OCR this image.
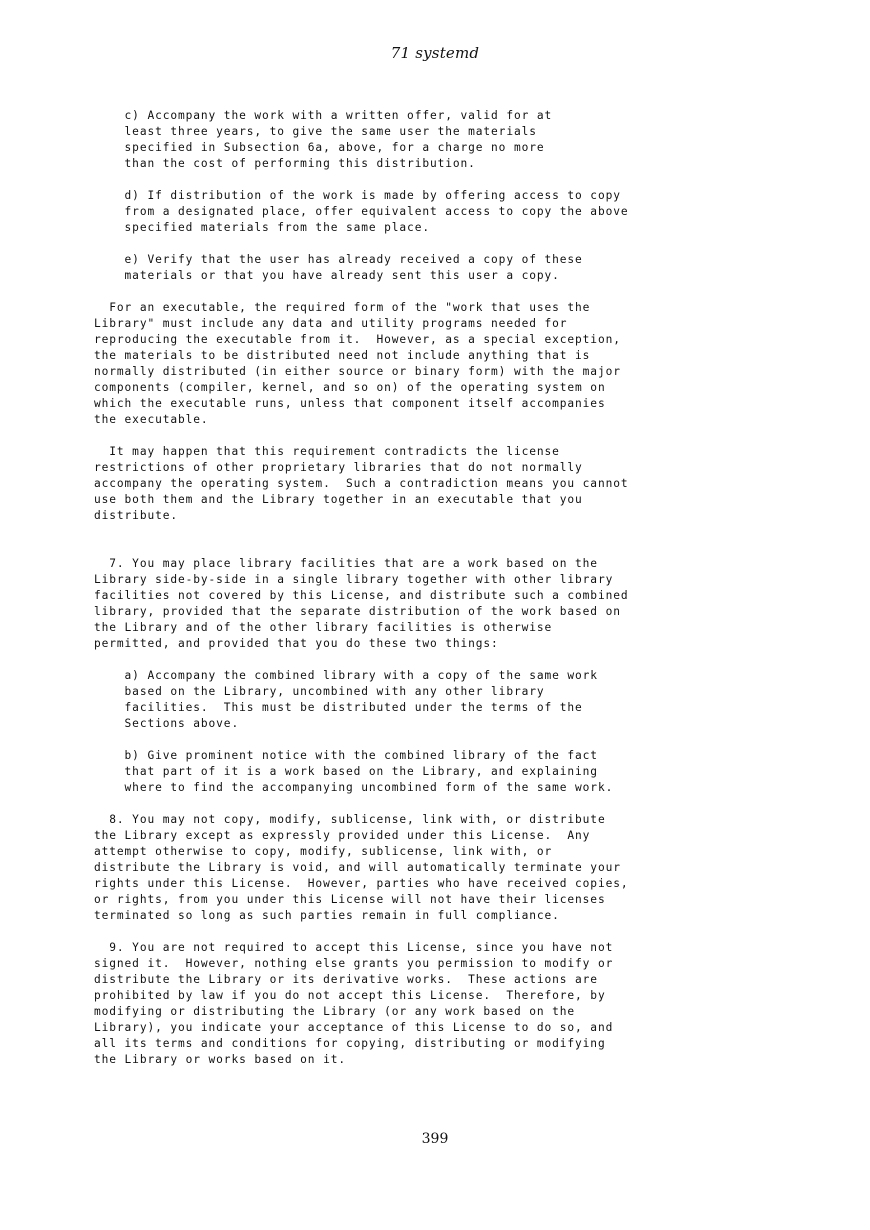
71 systemd
c) Accompany the work with a written offer, valid for at
least three years, to give the same user the materials
specified in Subsection 6a, above, for a charge no more
than the cost of performing this distribution.
d) If distribution of the work is made by offering access to copy
from a designated place, offer equivalent access to copy the above
specified materials from the same place.
e) Verify that the user has already received a copy of these
materials or that you have already sent this user a copy.
For an executable, the required form of the "work that uses the
Library" must include any data and utility programs needed for
reproducing the executable from it.  However, as a special exception,
the materials to be distributed need not include anything that is
normally distributed (in either source or binary form) with the major
components (compiler, kernel, and so on) of the operating system on
which the executable runs, unless that component itself accompanies
the executable.
It may happen that this requirement contradicts the license
restrictions of other proprietary libraries that do not normally
accompany the operating system.  Such a contradiction means you cannot
use both them and the Library together in an executable that you
distribute.
7. You may place library facilities that are a work based on the
Library side-by-side in a single library together with other library
facilities not covered by this License, and distribute such a combined
library, provided that the separate distribution of the work based on
the Library and of the other library facilities is otherwise
permitted, and provided that you do these two things:
a) Accompany the combined library with a copy of the same work
based on the Library, uncombined with any other library
facilities.  This must be distributed under the terms of the
Sections above.
b) Give prominent notice with the combined library of the fact
that part of it is a work based on the Library, and explaining
where to find the accompanying uncombined form of the same work.
8. You may not copy, modify, sublicense, link with, or distribute
the Library except as expressly provided under this License.  Any
attempt otherwise to copy, modify, sublicense, link with, or
distribute the Library is void, and will automatically terminate your
rights under this License.  However, parties who have received copies,
or rights, from you under this License will not have their licenses
terminated so long as such parties remain in full compliance.
9. You are not required to accept this License, since you have not
signed it.  However, nothing else grants you permission to modify or
distribute the Library or its derivative works.  These actions are
prohibited by law if you do not accept this License.  Therefore, by
modifying or distributing the Library (or any work based on the
Library), you indicate your acceptance of this License to do so, and
all its terms and conditions for copying, distributing or modifying
the Library or works based on it.
399
